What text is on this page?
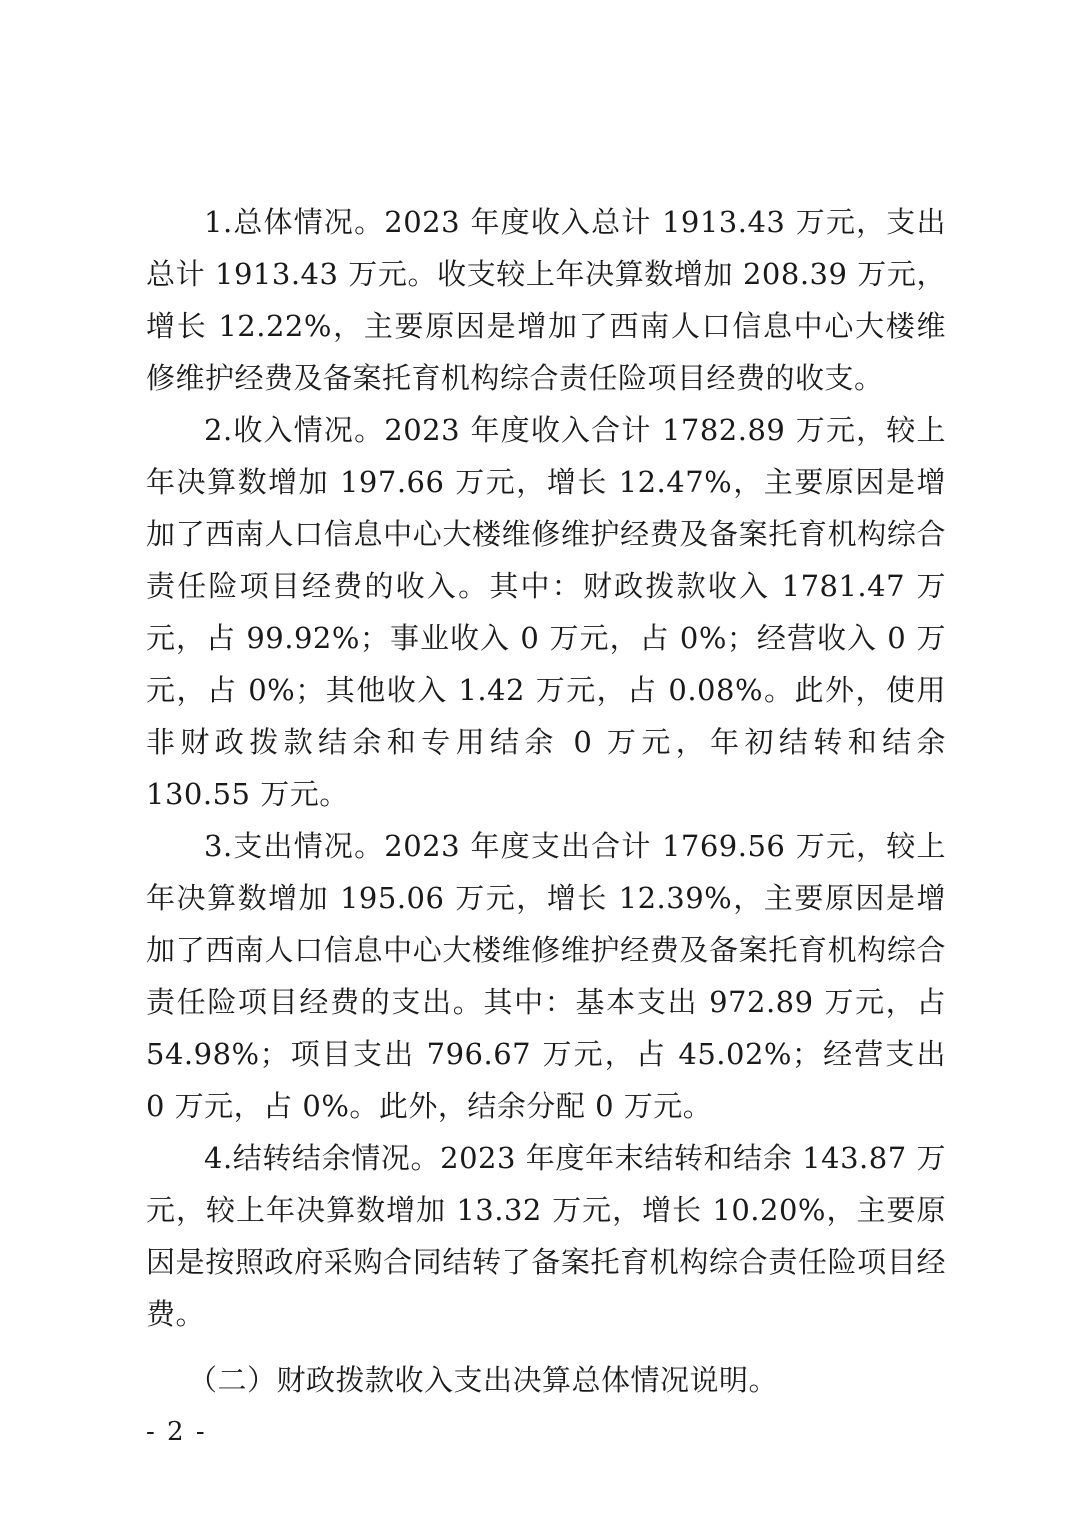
1.总体情况。2023 年度收入总计 1913.43 万元，支出总计 1913.43 万元。收支较上年决算数增加 208.39 万元，增长 12.22%，主要原因是增加了西南人口信息中心大楼维修维护经费及备案托育机构综合责任险项目经费的收支。

2.收入情况。2023 年度收入合计 1782.89 万元，较上年决算数增加 197.66 万元，增长 12.47%，主要原因是增加了西南人口信息中心大楼维修维护经费及备案托育机构综合责任险项目经费的收入。其中：财政拨款收入 1781.47 万元，占 99.92%；事业收入 0 万元，占 0%；经营收入 0 万元，占 0%；其他收入 1.42 万元，占 0.08%。此外，使用非财政拨款结余和专用结余 0 万元，年初结转和结余 130.55 万元。

3.支出情况。2023 年度支出合计 1769.56 万元，较上年决算数增加 195.06 万元，增长 12.39%，主要原因是增加了西南人口信息中心大楼维修维护经费及备案托育机构综合责任险项目经费的支出。其中：基本支出 972.89 万元，占 54.98%；项目支出 796.67 万元，占 45.02%；经营支出 0 万元，占 0%。此外，结余分配 0 万元。

4.结转结余情况。2023 年度年末结转和结余 143.87 万元，较上年决算数增加 13.32 万元，增长 10.20%，主要原因是按照政府采购合同结转了备案托育机构综合责任险项目经费。

（二）财政拨款收入支出决算总体情况说明。

- 2 -
